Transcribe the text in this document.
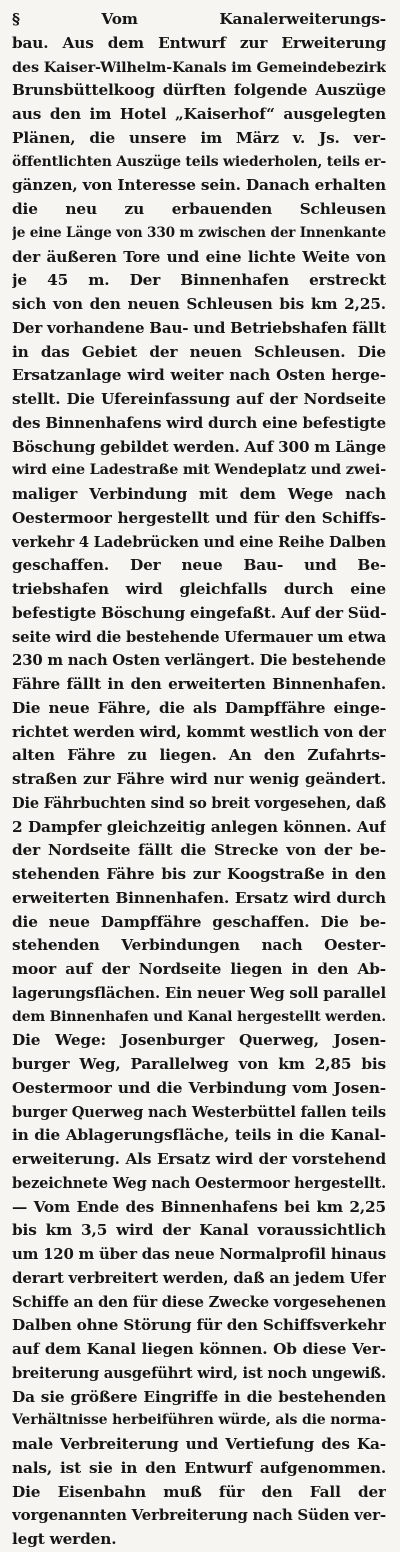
§ Vom Kanalerweiterungs-
bau. Aus dem Entwurf zur Erweiterung
des Kaiser-Wilhelm-Kanals im Gemeindebezirk
Brunsbüttelkoog dürften folgende Auszüge
aus den im Hotel „Kaiserhof“ ausgelegten
Plänen, die unsere im März v. Js. ver-
öffentlichten Auszüge teils wiederholen, teils er-
gänzen, von Interesse sein. Danach erhalten
die neu zu erbauenden Schleusen
je eine Länge von 330 m zwischen der Innenkante
der äußeren Tore und eine lichte Weite von
je 45 m. Der Binnenhafen erstreckt
sich von den neuen Schleusen bis km 2,25.
Der vorhandene Bau- und Betriebshafen fällt
in das Gebiet der neuen Schleusen. Die
Ersatzanlage wird weiter nach Osten herge-
stellt. Die Ufereinfassung auf der Nordseite
des Binnenhafens wird durch eine befestigte
Böschung gebildet werden. Auf 300 m Länge
wird eine Ladestraße mit Wendeplatz und zwei-
maliger Verbindung mit dem Wege nach
Oestermoor hergestellt und für den Schiffs-
verkehr 4 Ladebrücken und eine Reihe Dalben
geschaffen. Der neue Bau- und Be-
triebshafen wird gleichfalls durch eine
befestigte Böschung eingefaßt. Auf der Süd-
seite wird die bestehende Ufermauer um etwa
230 m nach Osten verlängert. Die bestehende
Fähre fällt in den erweiterten Binnenhafen.
Die neue Fähre, die als Dampffähre einge-
richtet werden wird, kommt westlich von der
alten Fähre zu liegen. An den Zufahrts-
straßen zur Fähre wird nur wenig geändert.
Die Fährbuchten sind so breit vorgesehen, daß
2 Dampfer gleichzeitig anlegen können. Auf
der Nordseite fällt die Strecke von der be-
stehenden Fähre bis zur Koogstraße in den
erweiterten Binnenhafen. Ersatz wird durch
die neue Dampffähre geschaffen. Die be-
stehenden Verbindungen nach Oester-
moor auf der Nordseite liegen in den Ab-
lagerungsflächen. Ein neuer Weg soll parallel
dem Binnenhafen und Kanal hergestellt werden.
Die Wege: Josenburger Querweg, Josen-
burger Weg, Parallelweg von km 2,85 bis
Oestermoor und die Verbindung vom Josen-
burger Querweg nach Westerbüttel fallen teils
in die Ablagerungsfläche, teils in die Kanal-
erweiterung. Als Ersatz wird der vorstehend
bezeichnete Weg nach Oestermoor hergestellt.
— Vom Ende des Binnenhafens bei km 2,25
bis km 3,5 wird der Kanal voraussichtlich
um 120 m über das neue Normalprofil hinaus
derart verbreitert werden, daß an jedem Ufer
Schiffe an den für diese Zwecke vorgesehenen
Dalben ohne Störung für den Schiffsverkehr
auf dem Kanal liegen können. Ob diese Ver-
breiterung ausgeführt wird, ist noch ungewiß.
Da sie größere Eingriffe in die bestehenden
Verhältnisse herbeiführen würde, als die norma-
male Verbreiterung und Vertiefung des Ka-
nals, ist sie in den Entwurf aufgenommen.
Die Eisenbahn muß für den Fall der
vorgenannten Verbreiterung nach Süden ver-
legt werden.
